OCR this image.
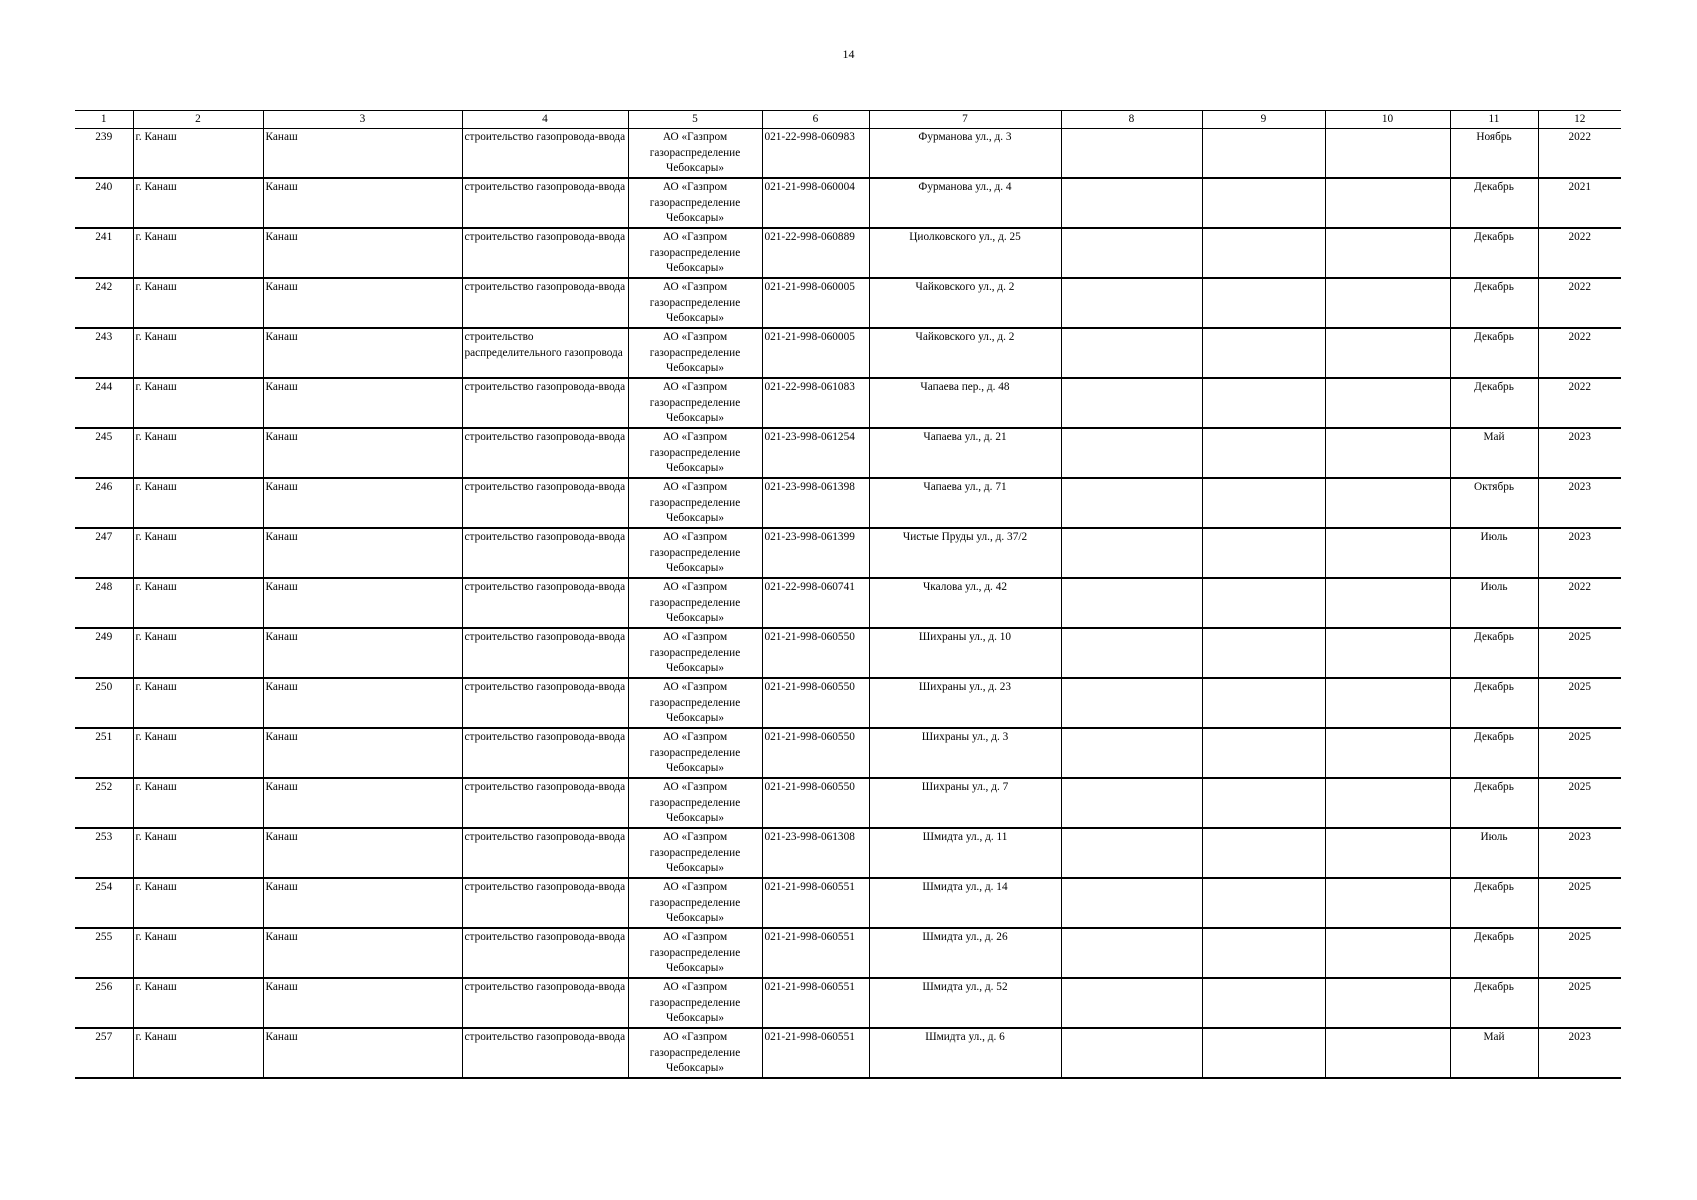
14
1	2	3	4	5	6	7	8	9	10	11	12
239	г. Канаш	Канаш	строительство газопровода-ввода	АО «Газпром газораспределение Чебоксары»	021-22-998-060983	Фурманова ул., д. 3				Ноябрь	2022
240	г. Канаш	Канаш	строительство газопровода-ввода	АО «Газпром газораспределение Чебоксары»	021-21-998-060004	Фурманова ул., д. 4				Декабрь	2021
241	г. Канаш	Канаш	строительство газопровода-ввода	АО «Газпром газораспределение Чебоксары»	021-22-998-060889	Циолковского ул., д. 25				Декабрь	2022
242	г. Канаш	Канаш	строительство газопровода-ввода	АО «Газпром газораспределение Чебоксары»	021-21-998-060005	Чайковского ул., д. 2				Декабрь	2022
243	г. Канаш	Канаш	строительство распределительного газопровода	АО «Газпром газораспределение Чебоксары»	021-21-998-060005	Чайковского ул., д. 2				Декабрь	2022
244	г. Канаш	Канаш	строительство газопровода-ввода	АО «Газпром газораспределение Чебоксары»	021-22-998-061083	Чапаева пер., д. 48				Декабрь	2022
245	г. Канаш	Канаш	строительство газопровода-ввода	АО «Газпром газораспределение Чебоксары»	021-23-998-061254	Чапаева ул., д. 21				Май	2023
246	г. Канаш	Канаш	строительство газопровода-ввода	АО «Газпром газораспределение Чебоксары»	021-23-998-061398	Чапаева ул., д. 71				Октябрь	2023
247	г. Канаш	Канаш	строительство газопровода-ввода	АО «Газпром газораспределение Чебоксары»	021-23-998-061399	Чистые Пруды ул., д. 37/2				Июль	2023
248	г. Канаш	Канаш	строительство газопровода-ввода	АО «Газпром газораспределение Чебоксары»	021-22-998-060741	Чкалова ул., д. 42				Июль	2022
249	г. Канаш	Канаш	строительство газопровода-ввода	АО «Газпром газораспределение Чебоксары»	021-21-998-060550	Шихраны ул., д. 10				Декабрь	2025
250	г. Канаш	Канаш	строительство газопровода-ввода	АО «Газпром газораспределение Чебоксары»	021-21-998-060550	Шихраны ул., д. 23				Декабрь	2025
251	г. Канаш	Канаш	строительство газопровода-ввода	АО «Газпром газораспределение Чебоксары»	021-21-998-060550	Шихраны ул., д. 3				Декабрь	2025
252	г. Канаш	Канаш	строительство газопровода-ввода	АО «Газпром газораспределение Чебоксары»	021-21-998-060550	Шихраны ул., д. 7				Декабрь	2025
253	г. Канаш	Канаш	строительство газопровода-ввода	АО «Газпром газораспределение Чебоксары»	021-23-998-061308	Шмидта ул., д. 11				Июль	2023
254	г. Канаш	Канаш	строительство газопровода-ввода	АО «Газпром газораспределение Чебоксары»	021-21-998-060551	Шмидта ул., д. 14				Декабрь	2025
255	г. Канаш	Канаш	строительство газопровода-ввода	АО «Газпром газораспределение Чебоксары»	021-21-998-060551	Шмидта ул., д. 26				Декабрь	2025
256	г. Канаш	Канаш	строительство газопровода-ввода	АО «Газпром газораспределение Чебоксары»	021-21-998-060551	Шмидта ул., д. 52				Декабрь	2025
257	г. Канаш	Канаш	строительство газопровода-ввода	АО «Газпром газораспределение Чебоксары»	021-21-998-060551	Шмидта ул., д. 6				Май	2023
